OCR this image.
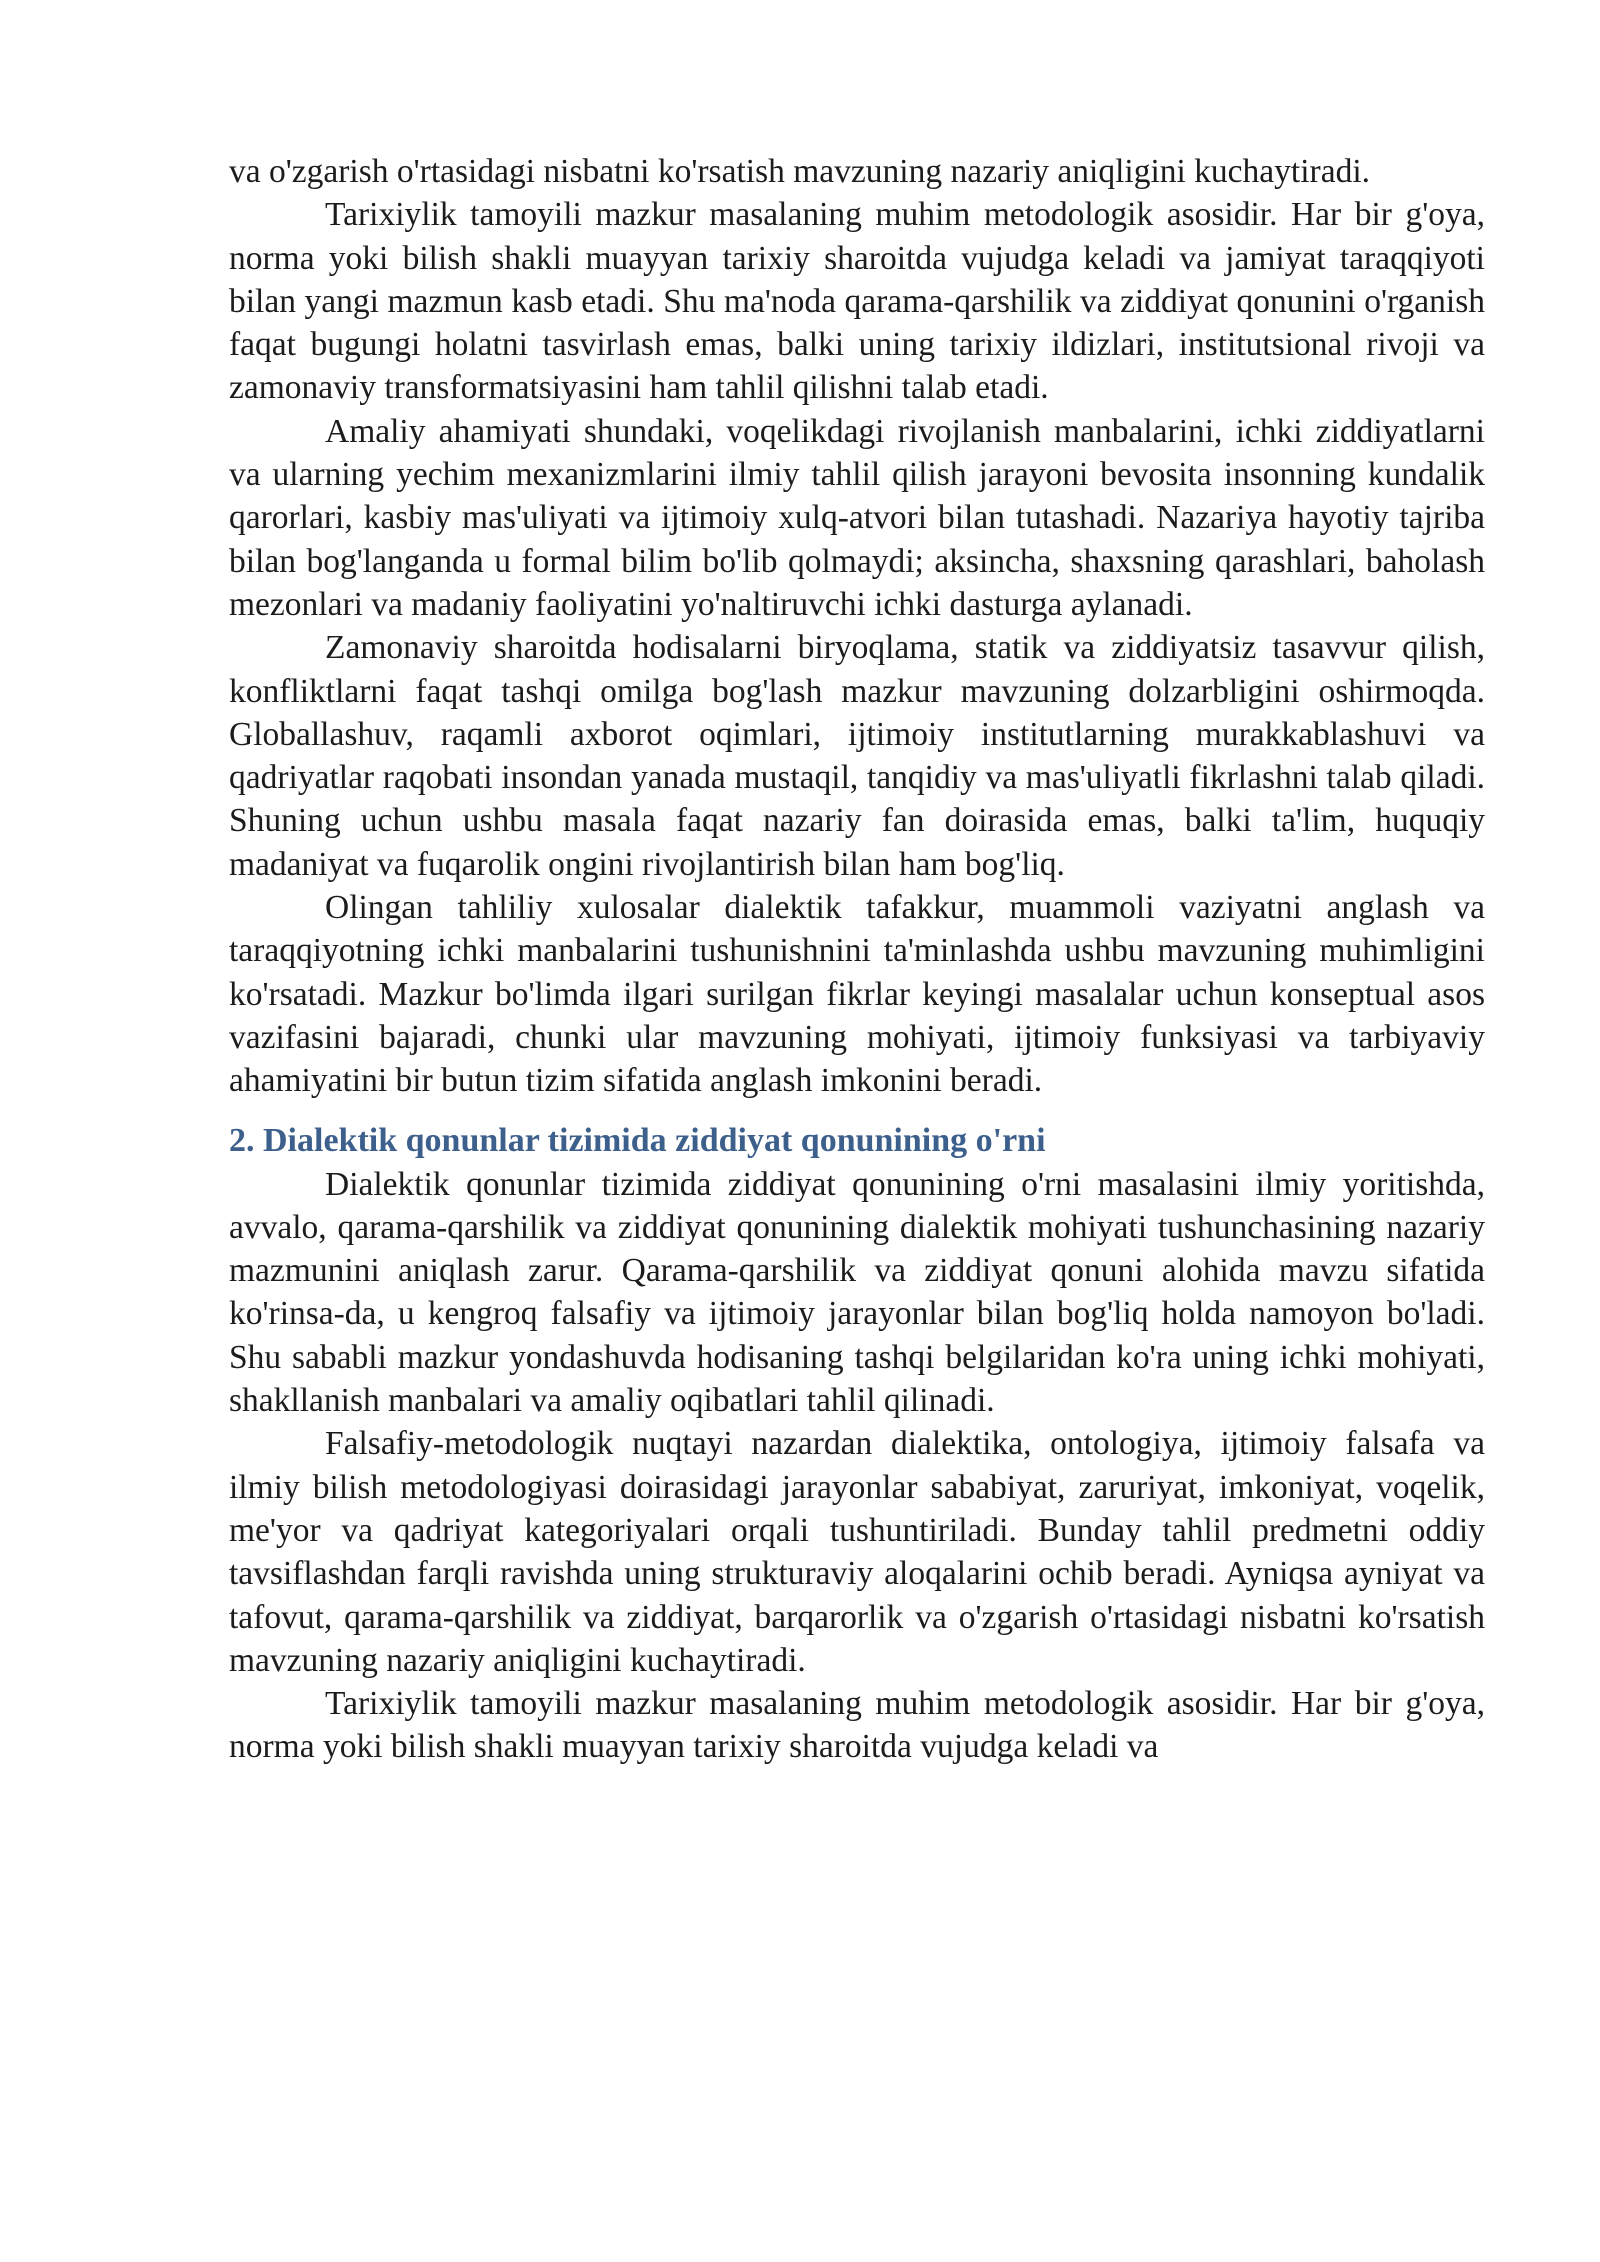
va o'zgarish o'rtasidagi nisbatni ko'rsatish mavzuning nazariy aniqligini kuchaytiradi.

Tarixiylik tamoyili mazkur masalaning muhim metodologik asosidir. Har bir g'oya, norma yoki bilish shakli muayyan tarixiy sharoitda vujudga keladi va jamiyat taraqqiyoti bilan yangi mazmun kasb etadi. Shu ma'noda qarama-qarshilik va ziddiyat qonunini o'rganish faqat bugungi holatni tasvirlash emas, balki uning tarixiy ildizlari, institutsional rivoji va zamonaviy transformatsiyasini ham tahlil qilishni talab etadi.

Amaliy ahamiyati shundaki, voqelikdagi rivojlanish manbalarini, ichki ziddiyatlarni va ularning yechim mexanizmlarini ilmiy tahlil qilish jarayoni bevosita insonning kundalik qarorlari, kasbiy mas'uliyati va ijtimoiy xulq-atvori bilan tutashadi. Nazariya hayotiy tajriba bilan bog'langanda u formal bilim bo'lib qolmaydi; aksincha, shaxsning qarashlari, baholash mezonlari va madaniy faoliyatini yo'naltiruvchi ichki dasturga aylanadi.

Zamonaviy sharoitda hodisalarni biryoqlama, statik va ziddiyatsiz tasavvur qilish, konfliktlarni faqat tashqi omilga bog'lash mazkur mavzuning dolzarbligini oshirmoqda. Globallashuv, raqamli axborot oqimlari, ijtimoiy institutlarning murakkablashuvi va qadriyatlar raqobati insondan yanada mustaqil, tanqidiy va mas'uliyatli fikrlashni talab qiladi. Shuning uchun ushbu masala faqat nazariy fan doirasida emas, balki ta'lim, huquqiy madaniyat va fuqarolik ongini rivojlantirish bilan ham bog'liq.

Olingan tahliliy xulosalar dialektik tafakkur, muammoli vaziyatni anglash va taraqqiyotning ichki manbalarini tushunishnini ta'minlashda ushbu mavzuning muhimligini ko'rsatadi. Mazkur bo'limda ilgari surilgan fikrlar keyingi masalalar uchun konseptual asos vazifasini bajaradi, chunki ular mavzuning mohiyati, ijtimoiy funksiyasi va tarbiyaviy ahamiyatini bir butun tizim sifatida anglash imkonini beradi.

2. Dialektik qonunlar tizimida ziddiyat qonunining o'rni

Dialektik qonunlar tizimida ziddiyat qonunining o'rni masalasini ilmiy yoritishda, avvalo, qarama-qarshilik va ziddiyat qonunining dialektik mohiyati tushunchasining nazariy mazmunini aniqlash zarur. Qarama-qarshilik va ziddiyat qonuni alohida mavzu sifatida ko'rinsa-da, u kengroq falsafiy va ijtimoiy jarayonlar bilan bog'liq holda namoyon bo'ladi. Shu sababli mazkur yondashuvda hodisaning tashqi belgilaridan ko'ra uning ichki mohiyati, shakllanish manbalari va amaliy oqibatlari tahlil qilinadi.

Falsafiy-metodologik nuqtayi nazardan dialektika, ontologiya, ijtimoiy falsafa va ilmiy bilish metodologiyasi doirasidagi jarayonlar sababiyat, zaruriyat, imkoniyat, voqelik, me'yor va qadriyat kategoriyalari orqali tushuntiriladi. Bunday tahlil predmetni oddiy tavsiflashdan farqli ravishda uning strukturaviy aloqalarini ochib beradi. Ayniqsa ayniyat va tafovut, qarama-qarshilik va ziddiyat, barqarorlik va o'zgarish o'rtasidagi nisbatni ko'rsatish mavzuning nazariy aniqligini kuchaytiradi.

Tarixiylik tamoyili mazkur masalaning muhim metodologik asosidir. Har bir g'oya, norma yoki bilish shakli muayyan tarixiy sharoitda vujudga keladi va
